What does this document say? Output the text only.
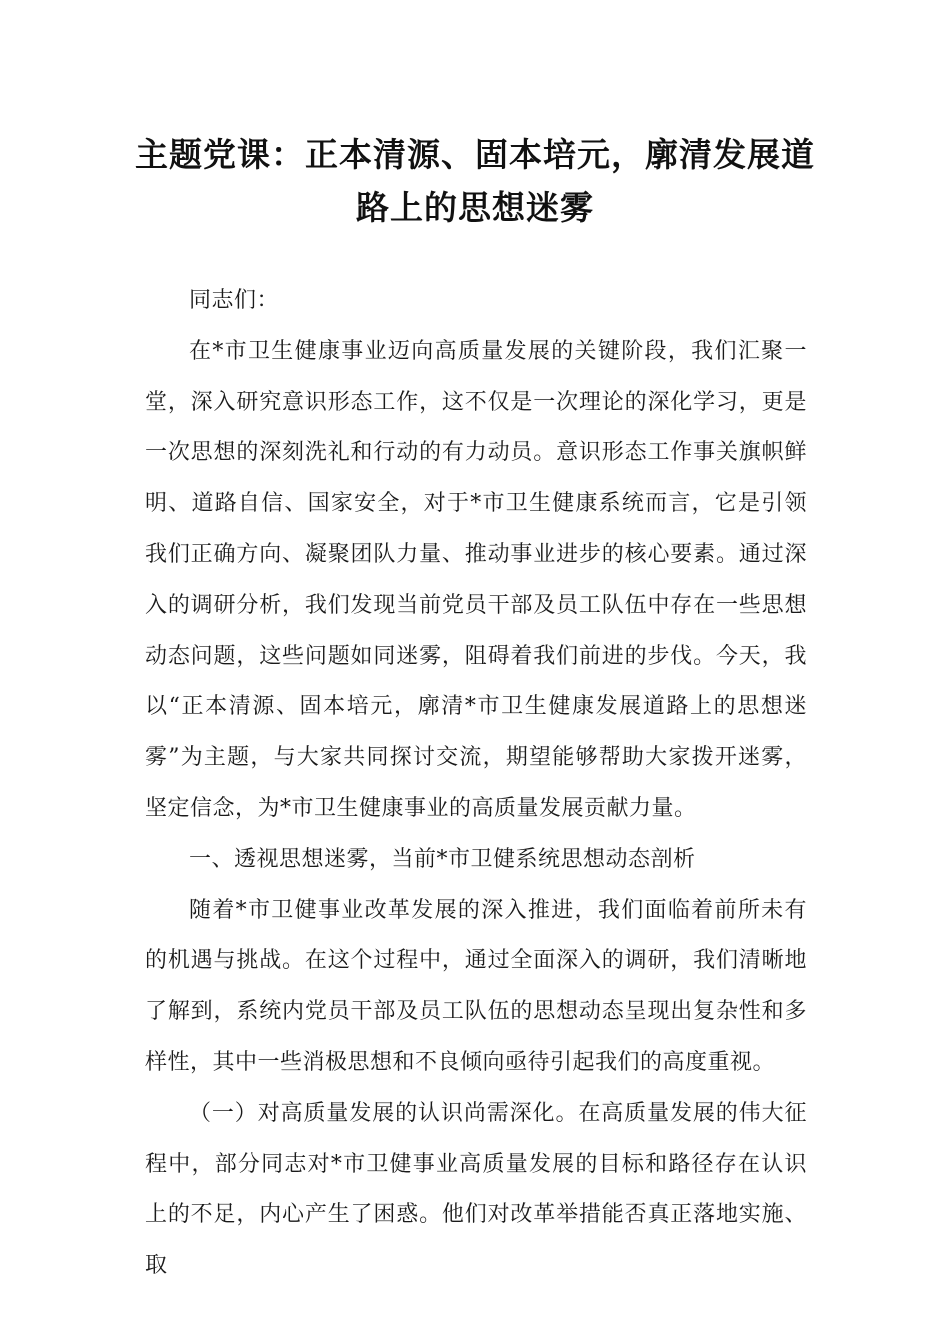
主题党课：正本清源、固本培元，廓清发展道路上的思想迷雾

同志们：

在*市卫生健康事业迈向高质量发展的关键阶段，我们汇聚一堂，深入研究意识形态工作，这不仅是一次理论的深化学习，更是一次思想的深刻洗礼和行动的有力动员。意识形态工作事关旗帜鲜明、道路自信、国家安全，对于*市卫生健康系统而言，它是引领我们正确方向、凝聚团队力量、推动事业进步的核心要素。通过深入的调研分析，我们发现当前党员干部及员工队伍中存在一些思想动态问题，这些问题如同迷雾，阻碍着我们前进的步伐。今天，我以“正本清源、固本培元，廓清*市卫生健康发展道路上的思想迷雾”为主题，与大家共同探讨交流，期望能够帮助大家拨开迷雾，坚定信念，为*市卫生健康事业的高质量发展贡献力量。

一、透视思想迷雾，当前*市卫健系统思想动态剖析

随着*市卫健事业改革发展的深入推进，我们面临着前所未有的机遇与挑战。在这个过程中，通过全面深入的调研，我们清晰地了解到，系统内党员干部及员工队伍的思想动态呈现出复杂性和多样性，其中一些消极思想和不良倾向亟待引起我们的高度重视。

（一）对高质量发展的认识尚需深化。在高质量发展的伟大征程中，部分同志对*市卫健事业高质量发展的目标和路径存在认识上的不足，内心产生了困惑。他们对改革举措能否真正落地实施、取
